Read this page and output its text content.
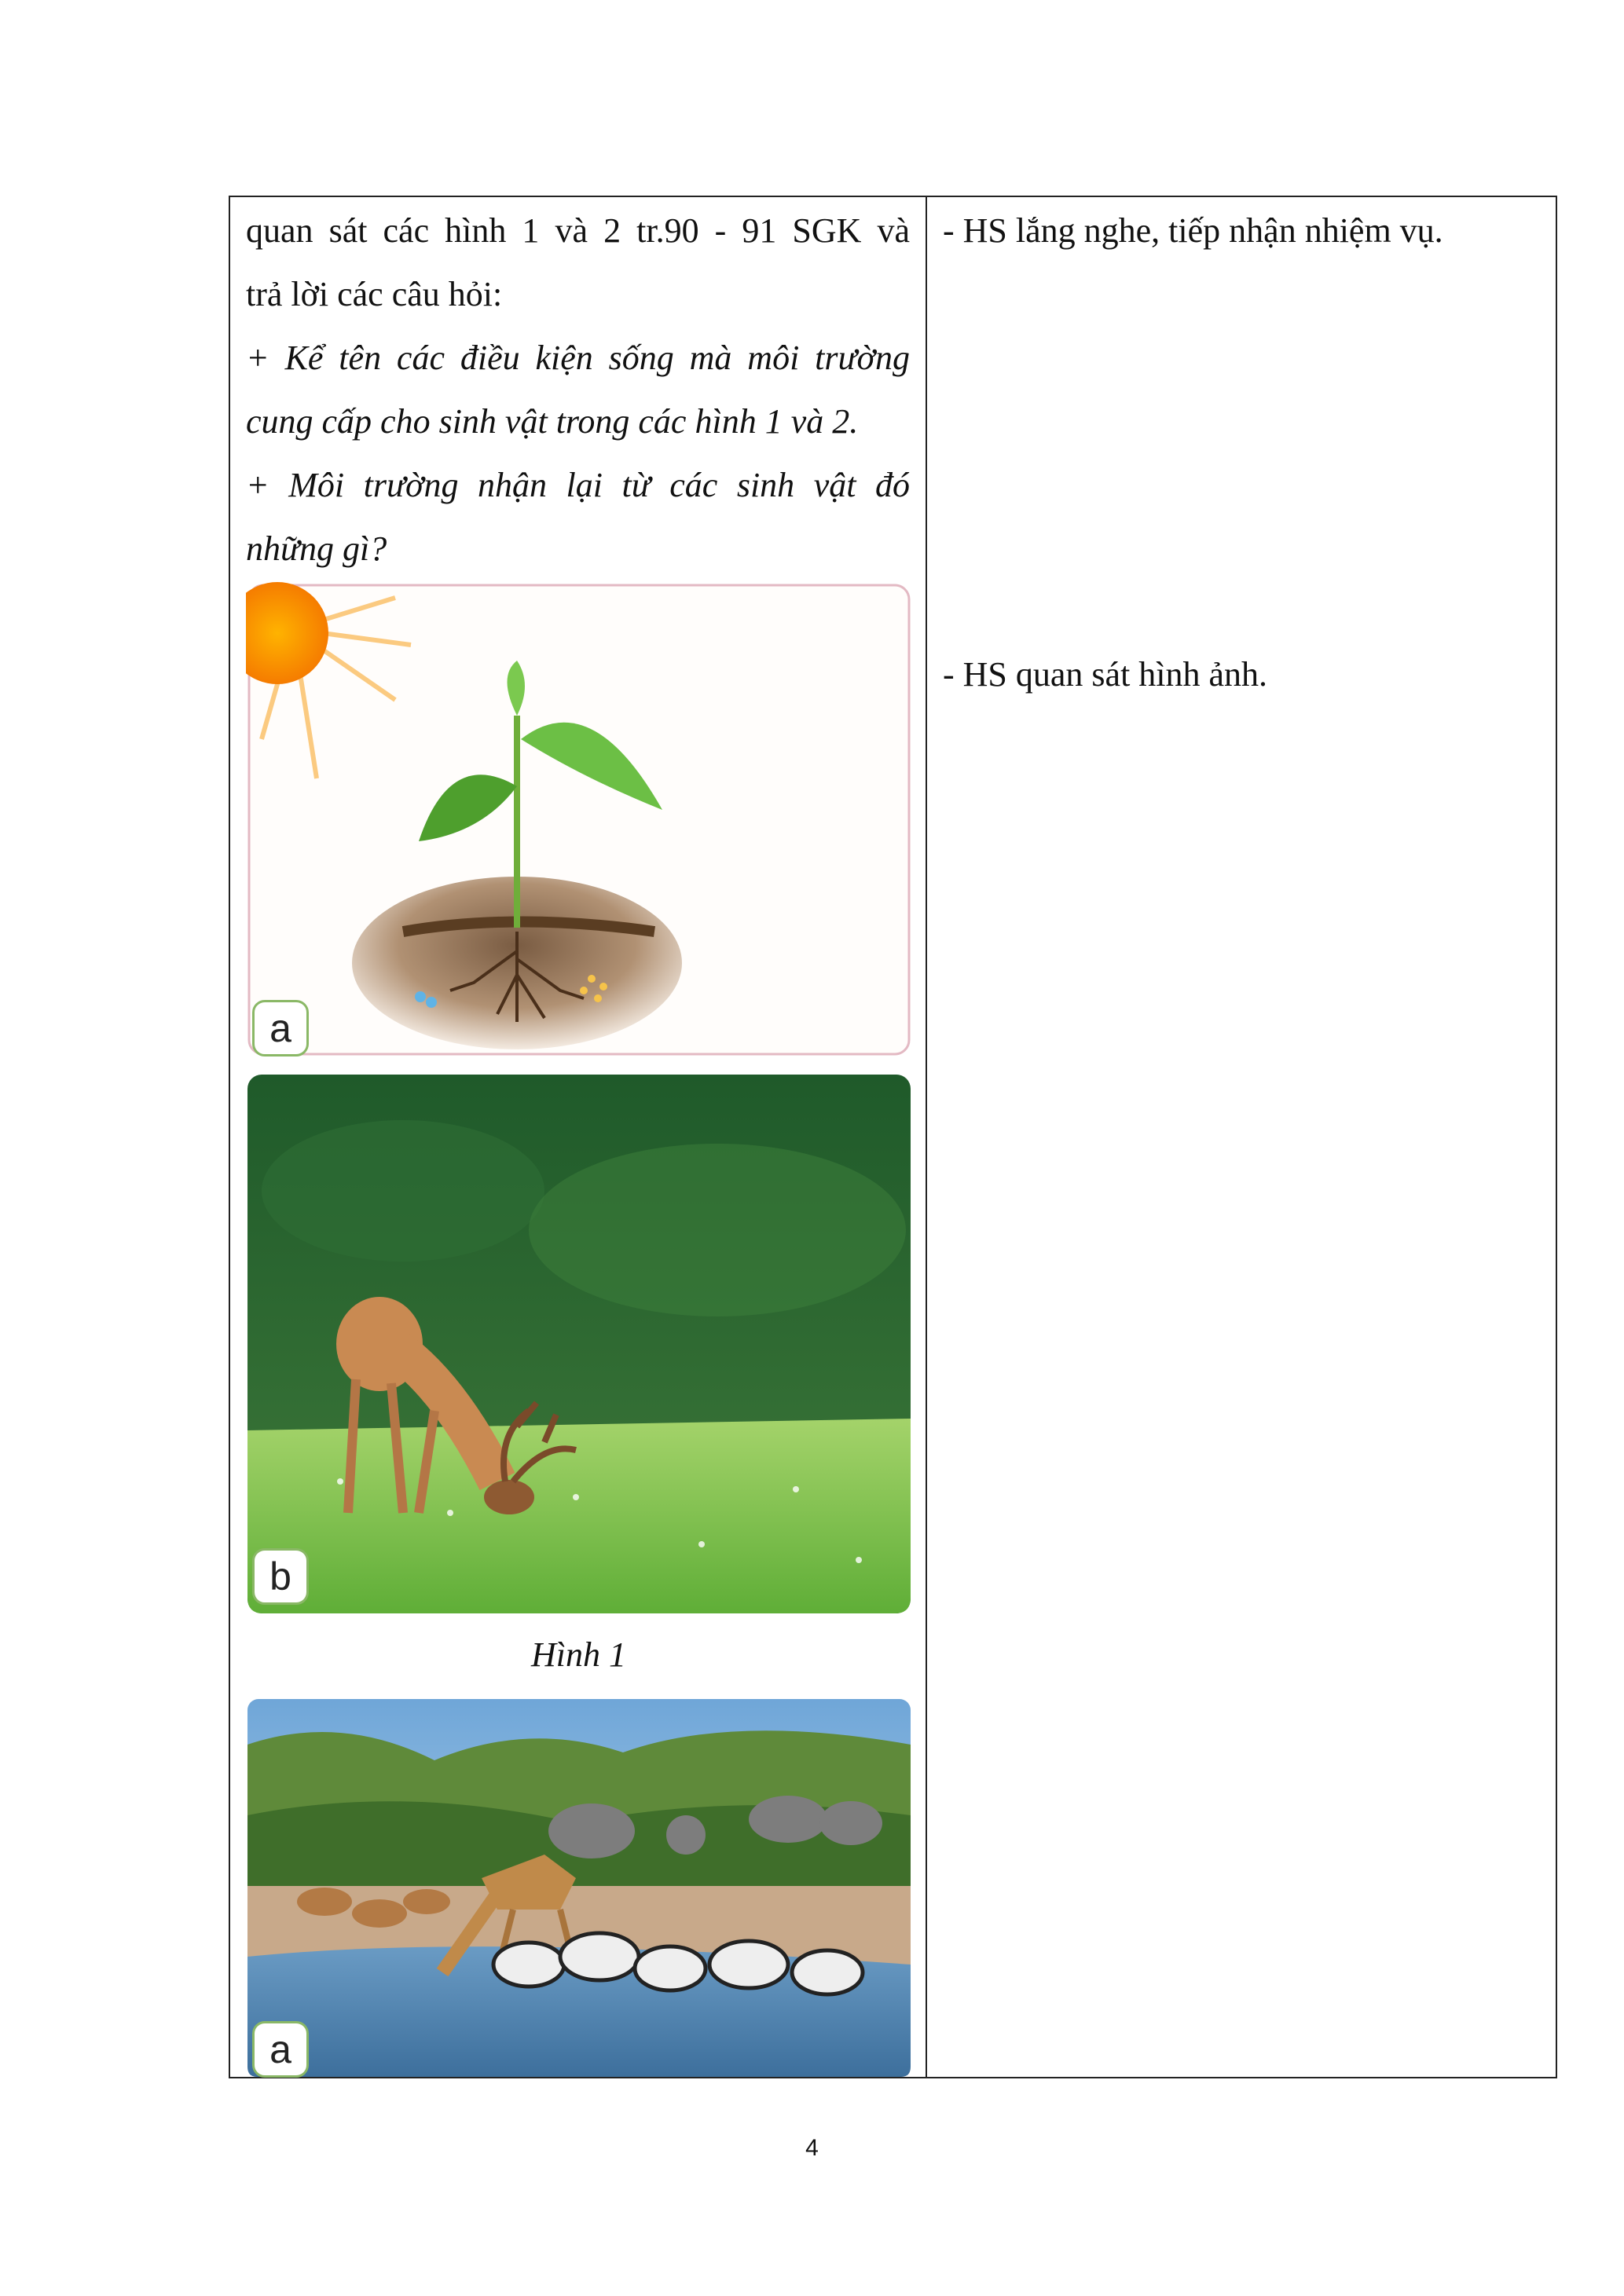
quan sát các hình 1 và 2 tr.90 - 91 SGK và
trả lời các câu hỏi:
+ Kể tên các điều kiện sống mà môi trường
cung cấp cho sinh vật trong các hình 1 và 2.
+ Môi trường nhận lại từ các sinh vật đó
những gì?
a
b
Hình 1
a
- HS lắng nghe, tiếp nhận nhiệm vụ.
- HS quan sát hình ảnh.
4
